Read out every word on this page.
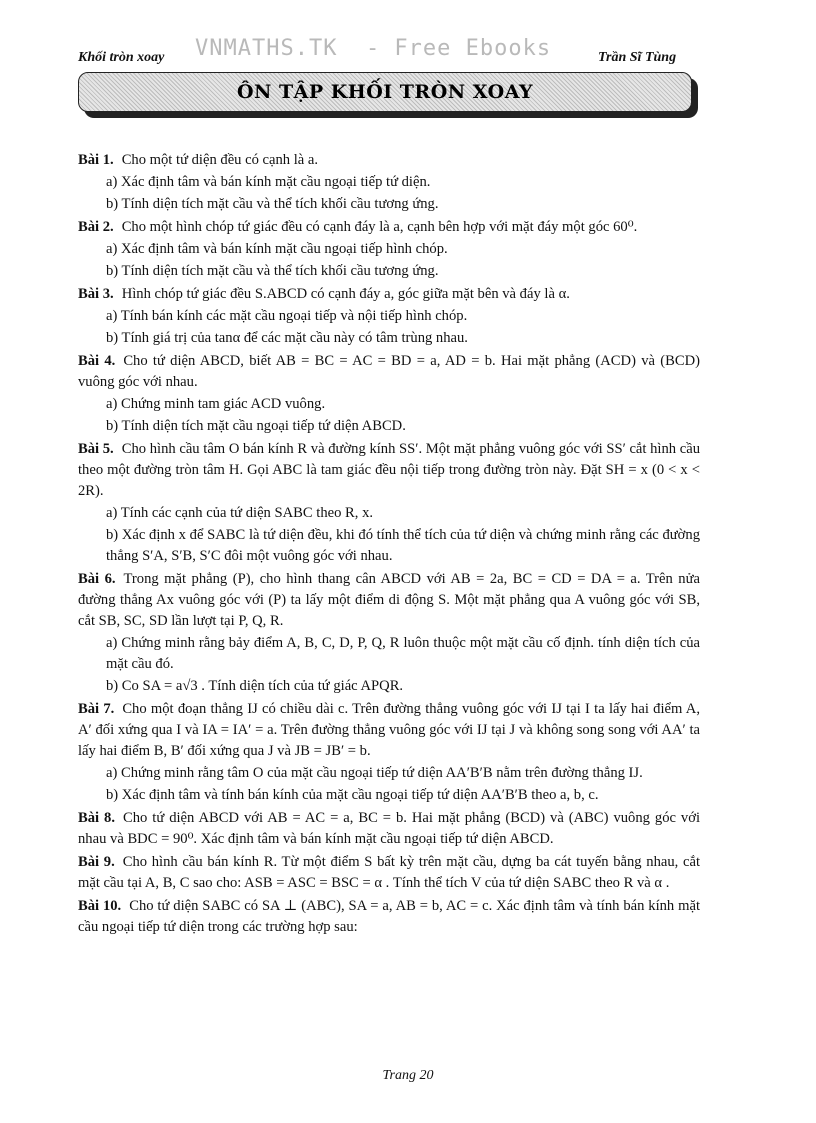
Khối tròn xoay VNMATHS.TK  - Free Ebooks	Trần Sĩ Tùng
ÔN TẬP KHỐI TRÒN XOAY
Bài 1. Cho một tứ diện đều có cạnh là a.
a) Xác định tâm và bán kính mặt cầu ngoại tiếp tứ diện.
b) Tính diện tích mặt cầu và thể tích khối cầu tương ứng.
Bài 2. Cho một hình chóp tứ giác đều có cạnh đáy là a, cạnh bên hợp với mặt đáy một góc 60⁰.
a) Xác định tâm và bán kính mặt cầu ngoại tiếp hình chóp.
b) Tính diện tích mặt cầu và thể tích khối cầu tương ứng.
Bài 3. Hình chóp tứ giác đều S.ABCD có cạnh đáy a, góc giữa mặt bên và đáy là α.
a) Tính bán kính các mặt cầu ngoại tiếp và nội tiếp hình chóp.
b) Tính giá trị của tanα để các mặt cầu này có tâm trùng nhau.
Bài 4. Cho tứ diện ABCD, biết AB = BC = AC = BD = a, AD = b. Hai mặt phẳng (ACD) và (BCD) vuông góc với nhau.
a) Chứng minh tam giác ACD vuông.
b) Tính diện tích mặt cầu ngoại tiếp tứ diện ABCD.
Bài 5. Cho hình cầu tâm O bán kính R và đường kính SS′. Một mặt phẳng vuông góc với SS′ cắt hình cầu theo một đường tròn tâm H. Gọi ABC là tam giác đều nội tiếp trong đường tròn này. Đặt SH = x (0 < x < 2R).
a) Tính các cạnh của tứ diện SABC theo R, x.
b) Xác định x để SABC là tứ diện đều, khi đó tính thể tích của tứ diện và chứng minh rằng các đường thẳng S′A, S′B, S′C đôi một vuông góc với nhau.
Bài 6. Trong mặt phẳng (P), cho hình thang cân ABCD với AB = 2a, BC = CD = DA = a. Trên nửa đường thẳng Ax vuông góc với (P) ta lấy một điểm di động S. Một mặt phẳng qua A vuông góc với SB, cắt SB, SC, SD lần lượt tại P, Q, R.
a) Chứng minh rằng bảy điểm A, B, C, D, P, Q, R luôn thuộc một mặt cầu cố định. tính diện tích của mặt cầu đó.
b) Co SA = a√3 . Tính diện tích của tứ giác APQR.
Bài 7. Cho một đoạn thẳng IJ có chiều dài c. Trên đường thẳng vuông góc với IJ tại I ta lấy hai điểm A, A′ đối xứng qua I và IA = IA′ = a. Trên đường thẳng vuông góc với IJ tại J và không song song với AA′ ta lấy hai điểm B, B′ đối xứng qua J và JB = JB′ = b.
a) Chứng minh rằng tâm O của mặt cầu ngoại tiếp tứ diện AA′B′B nằm trên đường thẳng IJ.
b) Xác định tâm và tính bán kính của mặt cầu ngoại tiếp tứ diện AA′B′B theo a, b, c.
Bài 8. Cho tứ diện ABCD với AB = AC = a, BC = b. Hai mặt phẳng (BCD) và (ABC) vuông góc với nhau và BDC = 90⁰. Xác định tâm và bán kính mặt cầu ngoại tiếp tứ diện ABCD.
Bài 9. Cho hình cầu bán kính R. Từ một điểm S bất kỳ trên mặt cầu, dựng ba cát tuyến bằng nhau, cắt mặt cầu tại A, B, C sao cho: ASB = ASC = BSC = α . Tính thể tích V của tứ diện SABC theo R và α .
Bài 10. Cho tứ diện SABC có SA ⊥ (ABC), SA = a, AB = b, AC = c. Xác định tâm và tính bán kính mặt cầu ngoại tiếp tứ diện trong các trường hợp sau:
Trang 20
